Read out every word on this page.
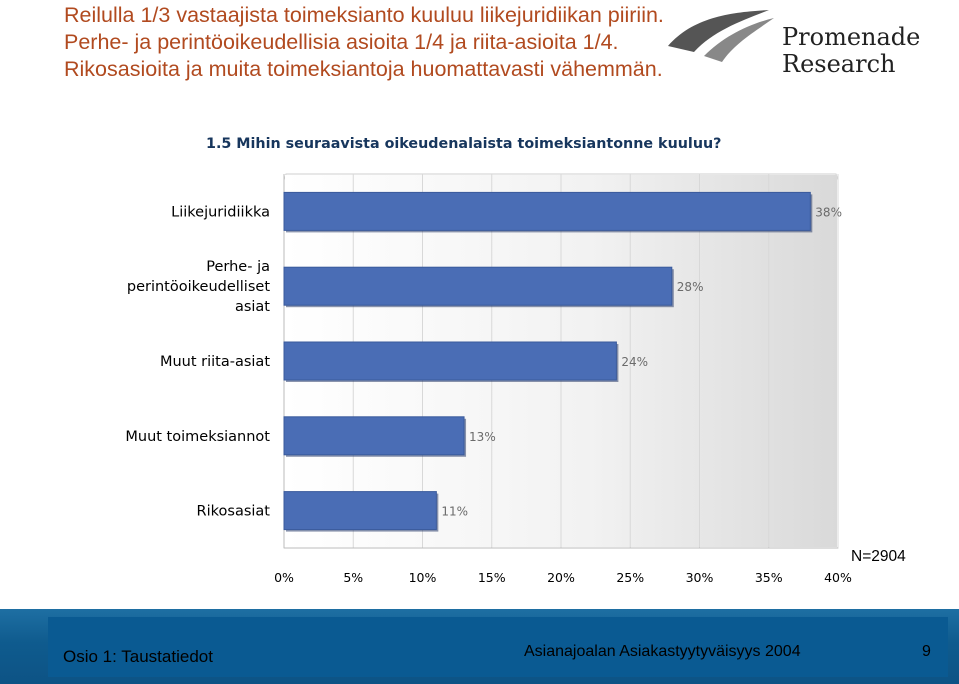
Reilulla 1/3 vastaajista toimeksianto kuuluu liikejuridiikan piiriin. Perhe- ja perintöoikeudellisia asioita 1/4 ja riita-asioita 1/4. Rikosasioita ja muita toimeksiantoja huomattavasti vähemmän.
Promenade
Research
1.5 Mihin seuraavista oikeudenalaista toimeksiantonne kuuluu?
38%
Liikejuridiikka
28%
Perhe- ja
perintöoikeudelliset
asiat
24%
Muut riita-asiat
13%
Muut toimeksiannot
11%
Rikosasiat
0%	5%	10%	15%	20%	25%	30%	35%	40%
N=2904
Osio 1: Taustatiedot	Asianajoalan Asiakastyytyväisyys 2004	9
